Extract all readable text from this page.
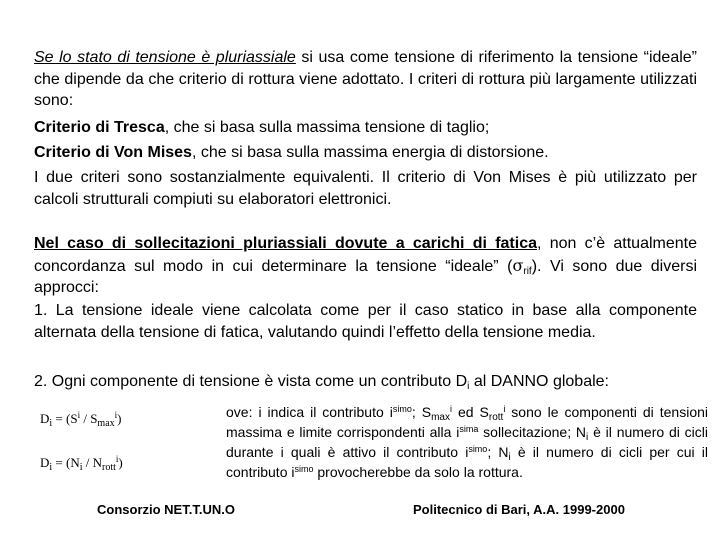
Se lo stato di tensione è pluriassiale si usa come tensione di riferimento la tensione “ideale” che dipende da che criterio di rottura viene adottato. I criteri di rottura più largamente utilizzati sono:
Criterio di Tresca, che si basa sulla massima tensione di taglio;
Criterio di Von Mises, che si basa sulla massima energia di distorsione.
I due criteri sono sostanzialmente equivalenti. Il criterio di Von Mises è più utilizzato per calcoli strutturali compiuti su elaboratori elettronici.
Nel caso di sollecitazioni pluriassiali dovute a carichi di fatica, non c’è attualmente concordanza sul modo in cui determinare la tensione “ideale” $(\sigma_{rif})$. Vi sono due diversi approcci:
1. La tensione ideale viene calcolata come per il caso statico in base alla componente alternata della tensione di fatica, valutando quindi l’effetto della tensione media.
2. Ogni componente di tensione è vista come un contributo $D_i$ al DANNO globale:
$D_i = (S^i / S_{max}^i)$
$D_i = (N_i / N_{rott}^i)$
ove: i indica il contributo $i^{simo}$; $S_{max}^i$ ed $S_{rott}^i$ sono le componenti di tensioni massima e limite corrispondenti alla $i^{sima}$ sollecitazione; $N_i$ è il numero di cicli durante i quali è attivo il contributo $i^{simo}$; $N_i$ è il numero di cicli per cui il contributo $i^{simo}$ provocherebbe da solo la rottura.
Consorzio NET.T.UN.O	Politecnico di Bari, A.A. 1999-2000
